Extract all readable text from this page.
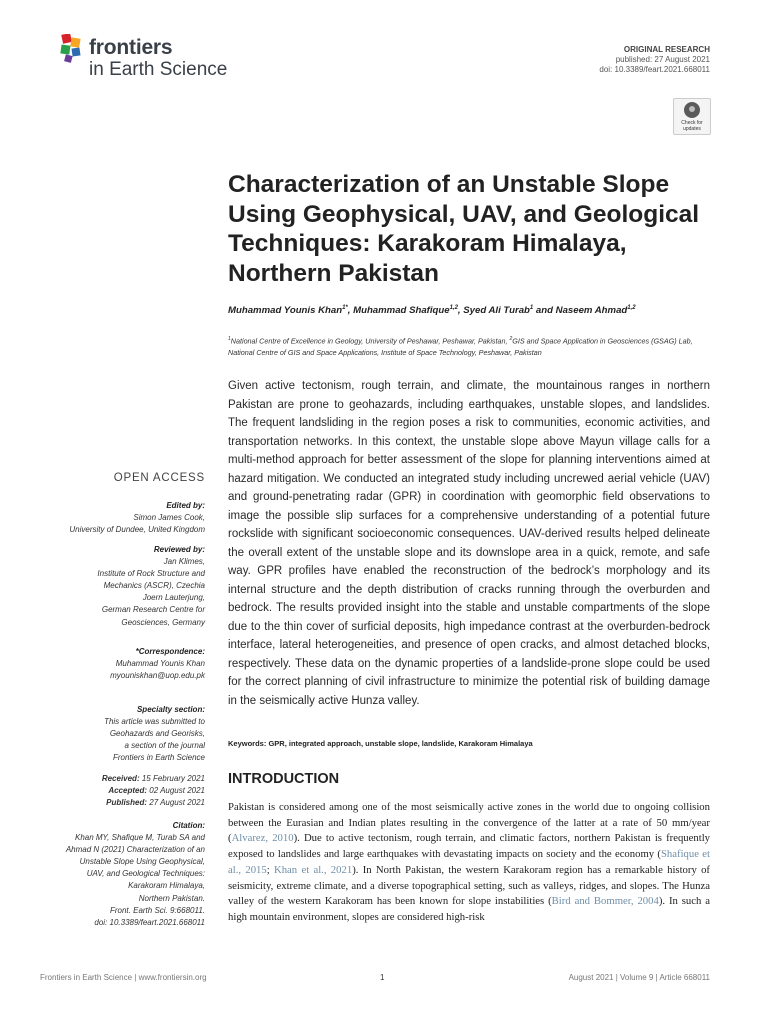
frontiers
in Earth Science
ORIGINAL RESEARCH
published: 27 August 2021
doi: 10.3389/feart.2021.668011
Check for updates
Characterization of an Unstable Slope Using Geophysical, UAV, and Geological Techniques: Karakoram Himalaya, Northern Pakistan
Muhammad Younis Khan$^{1*}$, Muhammad Shafique$^{1,2}$, Syed Ali Turab$^1$ and Naseem Ahmad$^{1,2}$
$^1$National Centre of Excellence in Geology, University of Peshawar, Peshawar, Pakistan, $^2$GIS and Space Application in Geosciences (GSAG) Lab, National Centre of GIS and Space Applications, Institute of Space Technology, Peshawar, Pakistan
Given active tectonism, rough terrain, and climate, the mountainous ranges in northern Pakistan are prone to geohazards, including earthquakes, unstable slopes, and landslides. The frequent landsliding in the region poses a risk to communities, economic activities, and transportation networks. In this context, the unstable slope above Mayun village calls for a multi-method approach for better assessment of the slope for planning interventions aimed at hazard mitigation. We conducted an integrated study including uncrewed aerial vehicle (UAV) and ground-penetrating radar (GPR) in coordination with geomorphic field observations to image the possible slip surfaces for a comprehensive understanding of a potential future rockslide with significant socioeconomic consequences. UAV-derived results helped delineate the overall extent of the unstable slope and its downslope area in a quick, remote, and safe way. GPR profiles have enabled the reconstruction of the bedrock’s morphology and its internal structure and the depth distribution of cracks running through the overburden and bedrock. The results provided insight into the stable and unstable compartments of the slope due to the thin cover of surficial deposits, high impedance contrast at the overburden-bedrock interface, lateral heterogeneities, and presence of open cracks, and almost detached blocks, respectively. These data on the dynamic properties of a landslide-prone slope could be used for the correct planning of civil infrastructure to minimize the potential risk of building damage in the seismically active Hunza valley.
Keywords: GPR, integrated approach, unstable slope, landslide, Karakoram Himalaya
INTRODUCTION
Pakistan is considered among one of the most seismically active zones in the world due to ongoing collision between the Eurasian and Indian plates resulting in the convergence of the latter at a rate of 50 mm/year (Alvarez, 2010). Due to active tectonism, rough terrain, and climatic factors, northern Pakistan is frequently exposed to landslides and large earthquakes with devastating impacts on society and the economy (Shafique et al., 2015; Khan et al., 2021). In North Pakistan, the western Karakoram region has a remarkable history of seismicity, extreme climate, and a diverse topographical setting, such as valleys, ridges, and slopes. The Hunza valley of the western Karakoram has been known for slope instabilities (Bird and Bommer, 2004). In such a high mountain environment, slopes are considered high-risk
OPEN ACCESS
Edited by:
Simon James Cook,
University of Dundee, United Kingdom
Reviewed by:
Jan Klimes,
Institute of Rock Structure and
Mechanics (ASCR), Czechia
Joern Lauterjung,
German Research Centre for
Geosciences, Germany
*Correspondence:
Muhammad Younis Khan
myouniskhan@uop.edu.pk
Specialty section:
This article was submitted to
Geohazards and Georisks,
a section of the journal
Frontiers in Earth Science
Received: 15 February 2021
Accepted: 02 August 2021
Published: 27 August 2021
Citation:
Khan MY, Shafique M, Turab SA and
Ahmad N (2021) Characterization of an
Unstable Slope Using Geophysical,
UAV, and Geological Techniques:
Karakoram Himalaya,
Northern Pakistan.
Front. Earth Sci. 9:668011.
doi: 10.3389/feart.2021.668011
Frontiers in Earth Science | www.frontiersin.org	1	August 2021 | Volume 9 | Article 668011
